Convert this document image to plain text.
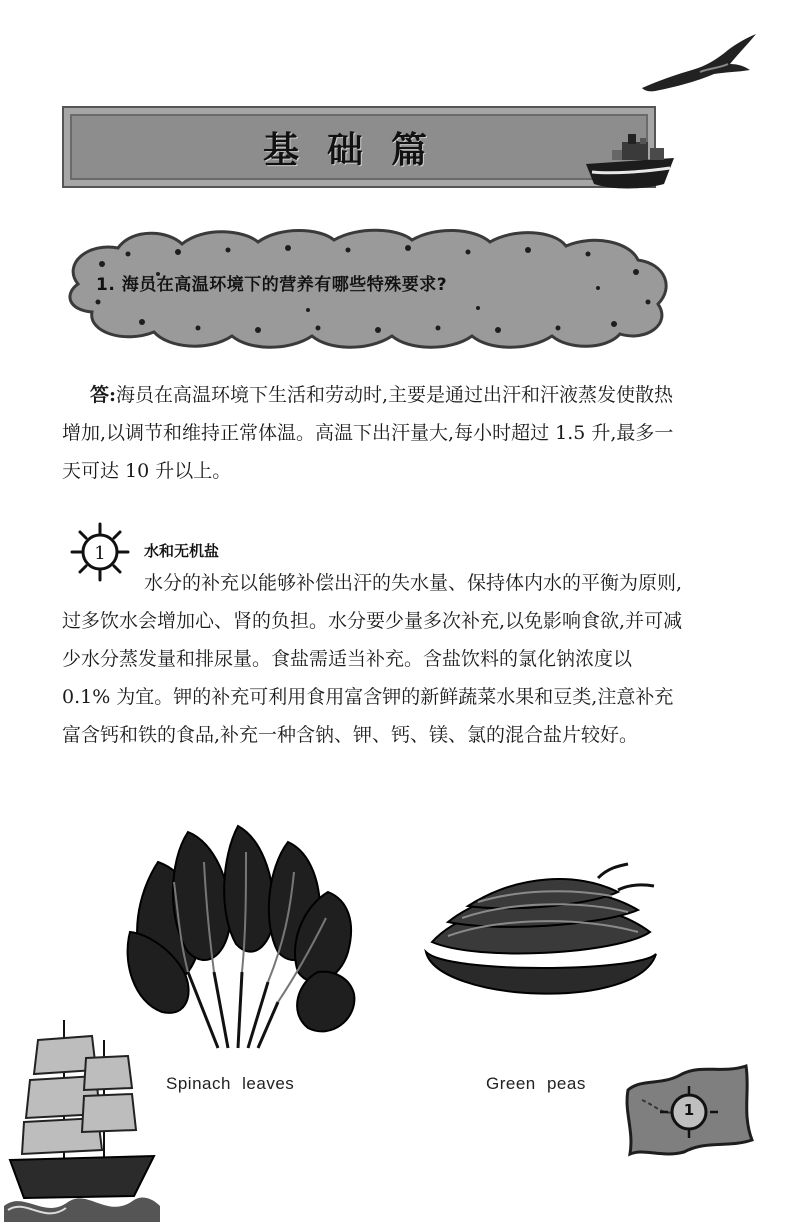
基础篇
1. 海员在高温环境下的营养有哪些特殊要求?

答:海员在高温环境下生活和劳动时,主要是通过出汗和汗液蒸发使散热增加,以调节和维持正常体温。高温下出汗量大,每小时超过 1.5 升,最多一天可达 10 升以上。

1	水和无机盐

水分的补充以能够补偿出汗的失水量、保持体内水的平衡为原则,过多饮水会增加心、肾的负担。水分要少量多次补充,以免影响食欲,并可减少水分蒸发量和排尿量。食盐需适当补充。含盐饮料的氯化钠浓度以 0.1% 为宜。钾的补充可利用食用富含钾的新鲜蔬菜水果和豆类,注意补充富含钙和铁的食品,补充一种含钠、钾、钙、镁、氯的混合盐片较好。

Spinach leaves	Green peas
1
